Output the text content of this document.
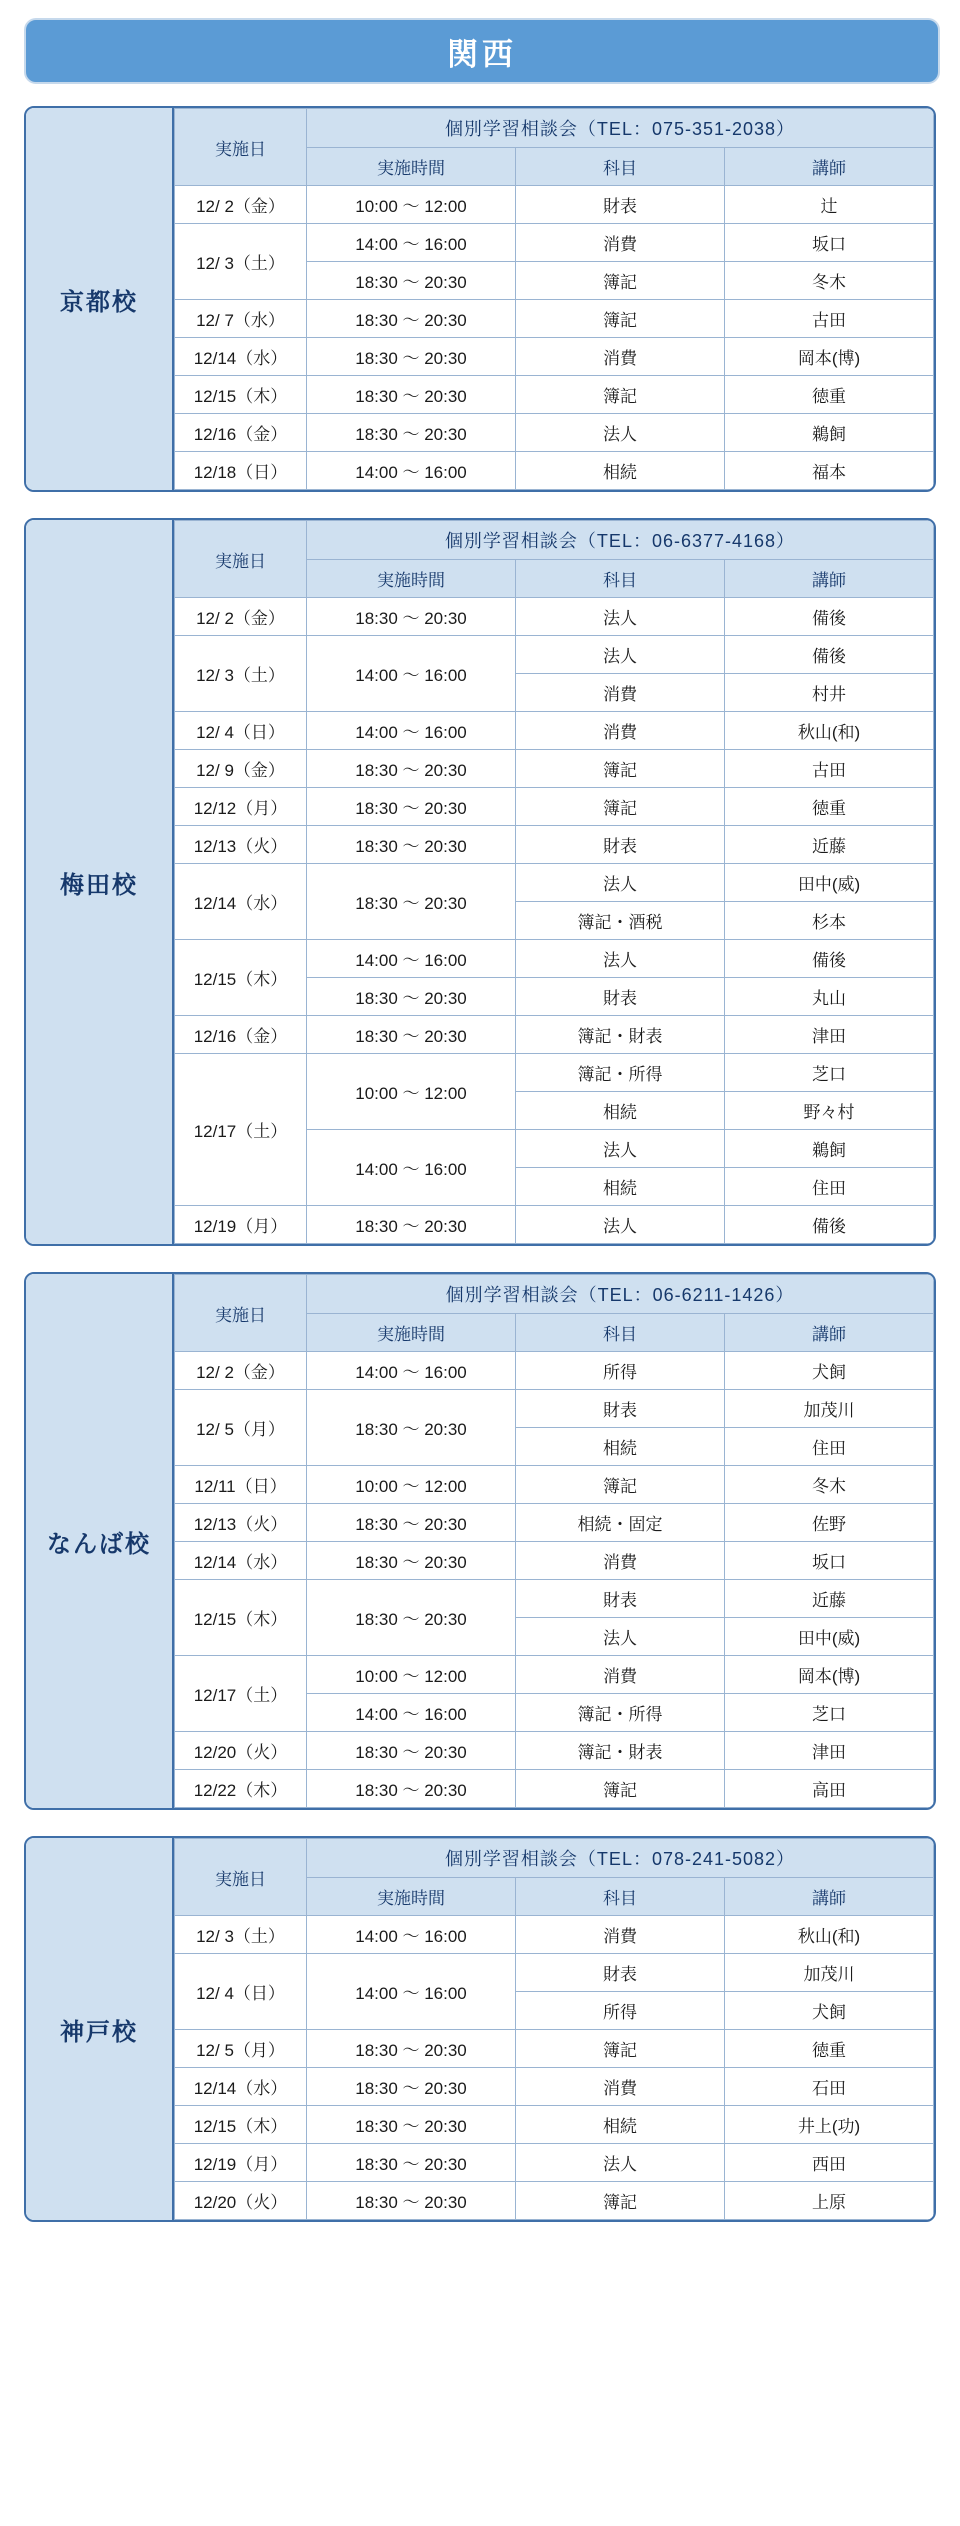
関西
京都校
実施日	個別学習相談会（TEL：075-351-2038）		
	実施時間	科目	講師
12/ 2（金）	10:00 ～ 12:00	財表	辻
12/ 3（土）	14:00 ～ 16:00	消費	坂口
	18:30 ～ 20:30	簿記	冬木
12/ 7（水）	18:30 ～ 20:30	簿記	古田
12/14（水）	18:30 ～ 20:30	消費	岡本(博)
12/15（木）	18:30 ～ 20:30	簿記	徳重
12/16（金）	18:30 ～ 20:30	法人	鵜飼
12/18（日）	14:00 ～ 16:00	相続	福本
梅田校
実施日	個別学習相談会（TEL：06-6377-4168）		
	実施時間	科目	講師
12/ 2（金）	18:30 ～ 20:30	法人	備後
12/ 3（土）	14:00 ～ 16:00	法人	備後
		消費	村井
12/ 4（日）	14:00 ～ 16:00	消費	秋山(和)
12/ 9（金）	18:30 ～ 20:30	簿記	古田
12/12（月）	18:30 ～ 20:30	簿記	徳重
12/13（火）	18:30 ～ 20:30	財表	近藤
12/14（水）	18:30 ～ 20:30	法人	田中(威)
		簿記・酒税	杉本
12/15（木）	14:00 ～ 16:00	法人	備後
	18:30 ～ 20:30	財表	丸山
12/16（金）	18:30 ～ 20:30	簿記・財表	津田
12/17（土）	10:00 ～ 12:00	簿記・所得	芝口
		相続	野々村
	14:00 ～ 16:00	法人	鵜飼
		相続	住田
12/19（月）	18:30 ～ 20:30	法人	備後
なんば校
実施日	個別学習相談会（TEL：06-6211-1426）		
	実施時間	科目	講師
12/ 2（金）	14:00 ～ 16:00	所得	犬飼
12/ 5（月）	18:30 ～ 20:30	財表	加茂川
		相続	住田
12/11（日）	10:00 ～ 12:00	簿記	冬木
12/13（火）	18:30 ～ 20:30	相続・固定	佐野
12/14（水）	18:30 ～ 20:30	消費	坂口
12/15（木）	18:30 ～ 20:30	財表	近藤
		法人	田中(威)
12/17（土）	10:00 ～ 12:00	消費	岡本(博)
	14:00 ～ 16:00	簿記・所得	芝口
12/20（火）	18:30 ～ 20:30	簿記・財表	津田
12/22（木）	18:30 ～ 20:30	簿記	高田
神戸校
実施日	個別学習相談会（TEL：078-241-5082）		
	実施時間	科目	講師
12/ 3（土）	14:00 ～ 16:00	消費	秋山(和)
12/ 4（日）	14:00 ～ 16:00	財表	加茂川
		所得	犬飼
12/ 5（月）	18:30 ～ 20:30	簿記	徳重
12/14（水）	18:30 ～ 20:30	消費	石田
12/15（木）	18:30 ～ 20:30	相続	井上(功)
12/19（月）	18:30 ～ 20:30	法人	西田
12/20（火）	18:30 ～ 20:30	簿記	上原
